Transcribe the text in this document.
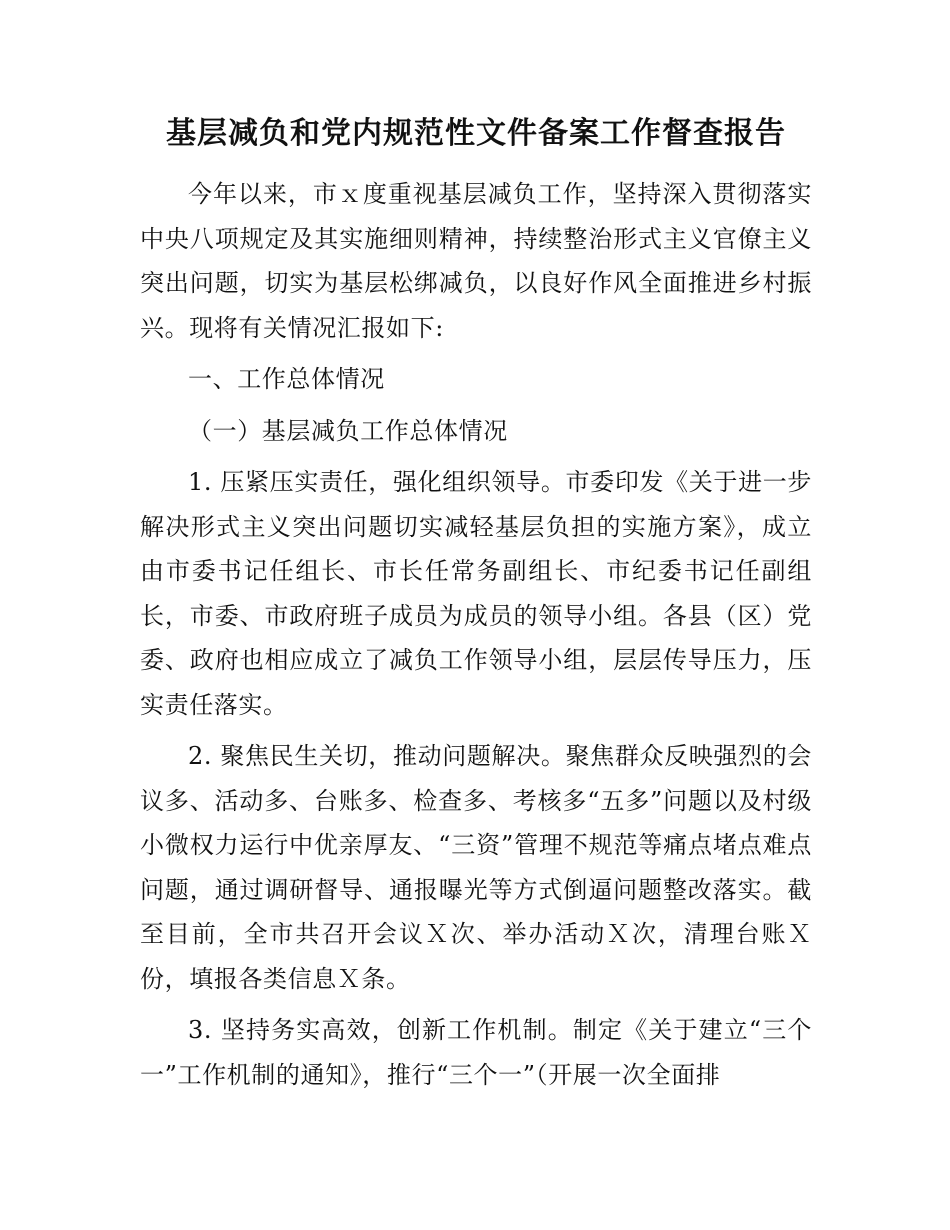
基层减负和党内规范性文件备案工作督查报告

今年以来，市ｘ度重视基层减负工作，坚持深入贯彻落实中央八项规定及其实施细则精神，持续整治形式主义官僚主义突出问题，切实为基层松绑减负，以良好作风全面推进乡村振兴。现将有关情况汇报如下:

一、工作总体情况

（一）基层减负工作总体情况

1. 压紧压实责任，强化组织领导。市委印发《关于进一步解决形式主义突出问题切实减轻基层负担的实施方案》，成立由市委书记任组长、市长任常务副组长、市纪委书记任副组长，市委、市政府班子成员为成员的领导小组。各县（区）党委、政府也相应成立了减负工作领导小组，层层传导压力，压实责任落实。

2. 聚焦民生关切，推动问题解决。聚焦群众反映强烈的会议多、活动多、台账多、检查多、考核多“五多”问题以及村级小微权力运行中优亲厚友、“三资”管理不规范等痛点堵点难点问题，通过调研督导、通报曝光等方式倒逼问题整改落实。截至目前，全市共召开会议Ｘ次、举办活动Ｘ次，清理台账Ｘ份，填报各类信息Ｘ条。

3. 坚持务实高效，创新工作机制。制定《关于建立“三个一”工作机制的通知》，推行“三个一”（开展一次全面排
